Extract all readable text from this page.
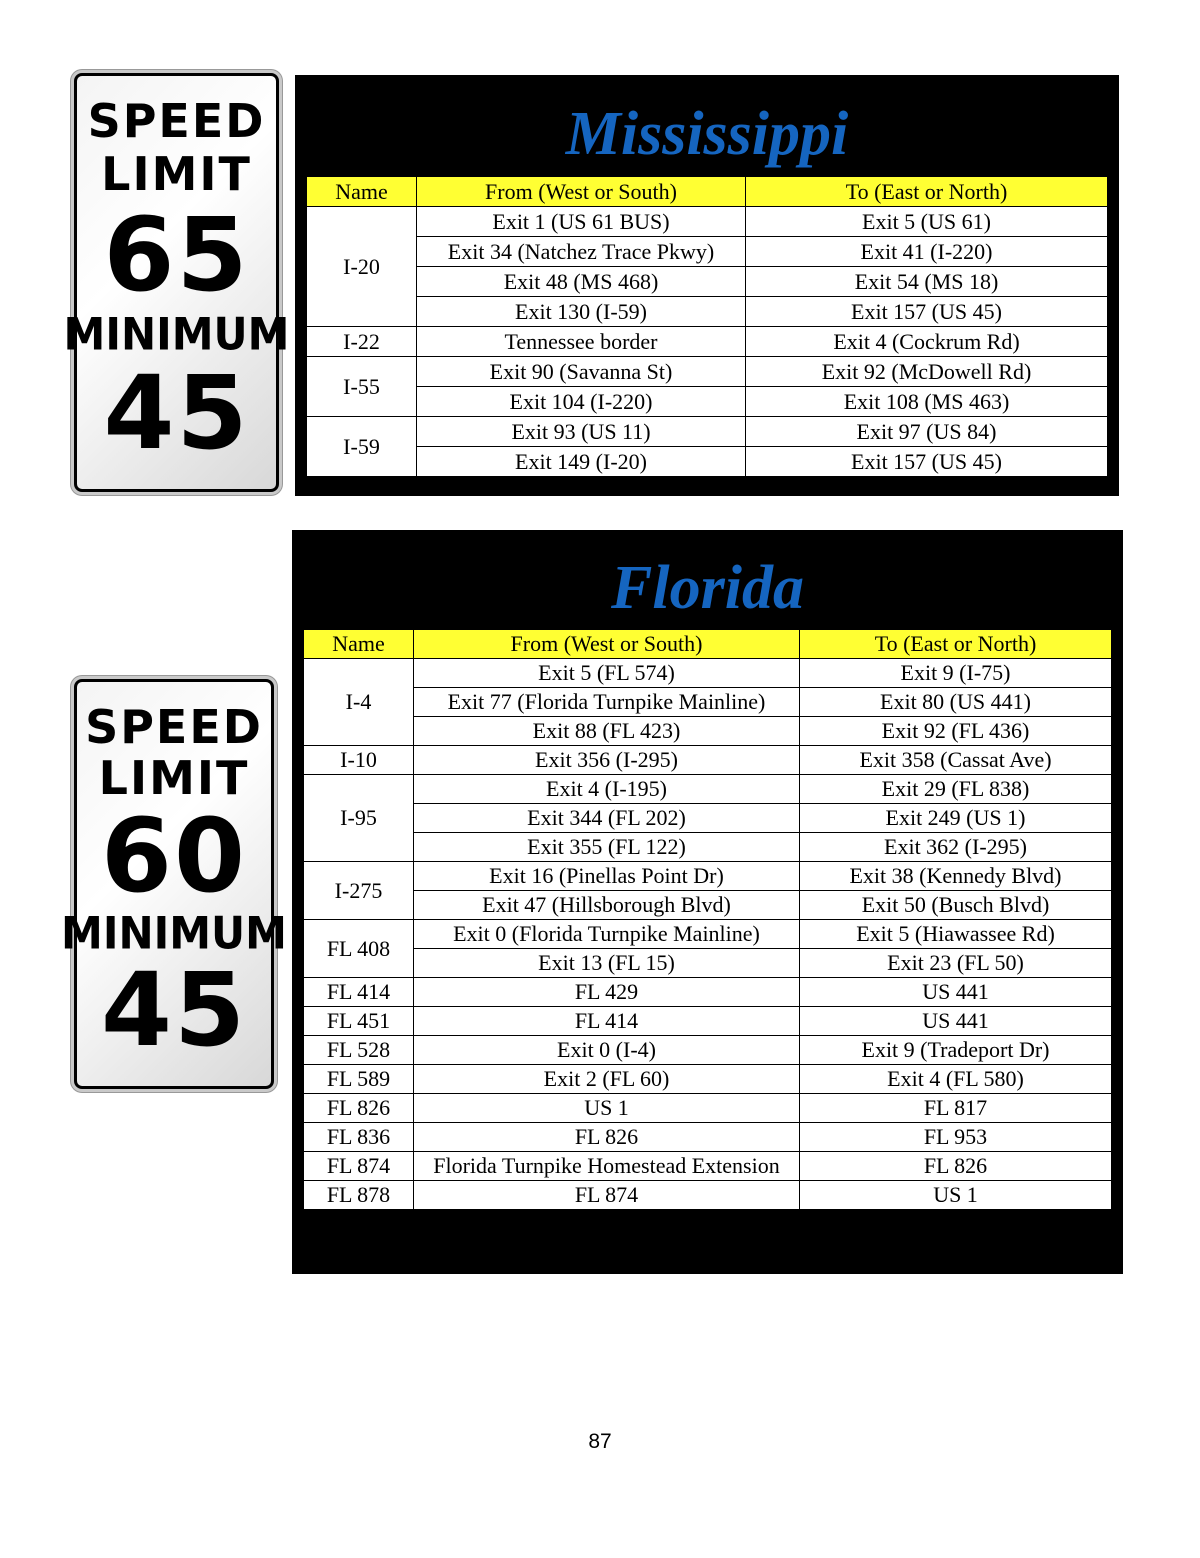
SPEED
LIMIT
65
MINIMUM
45
Mississippi
Name	From (West or South)	To (East or North)
I-20	Exit 1 (US 61 BUS)	Exit 5 (US 61)
	Exit 34 (Natchez Trace Pkwy)	Exit 41 (I-220)
	Exit 48 (MS 468)	Exit 54 (MS 18)
	Exit 130 (I-59)	Exit 157 (US 45)
I-22	Tennessee border	Exit 4 (Cockrum Rd)
I-55	Exit 90 (Savanna St)	Exit 92 (McDowell Rd)
	Exit 104 (I-220)	Exit 108 (MS 463)
I-59	Exit 93 (US 11)	Exit 97 (US 84)
	Exit 149 (I-20)	Exit 157 (US 45)
SPEED
LIMIT
60
MINIMUM
45
Florida
Name	From (West or South)	To (East or North)
I-4	Exit 5 (FL 574)	Exit 9 (I-75)
	Exit 77 (Florida Turnpike Mainline)	Exit 80 (US 441)
	Exit 88 (FL 423)	Exit 92 (FL 436)
I-10	Exit 356 (I-295)	Exit 358 (Cassat Ave)
I-95	Exit 4 (I-195)	Exit 29 (FL 838)
	Exit 344 (FL 202)	Exit 249 (US 1)
	Exit 355 (FL 122)	Exit 362 (I-295)
I-275	Exit 16 (Pinellas Point Dr)	Exit 38 (Kennedy Blvd)
	Exit 47 (Hillsborough Blvd)	Exit 50 (Busch Blvd)
FL 408	Exit 0 (Florida Turnpike Mainline)	Exit 5 (Hiawassee Rd)
	Exit 13 (FL 15)	Exit 23 (FL 50)
FL 414	FL 429	US 441
FL 451	FL 414	US 441
FL 528	Exit 0 (I-4)	Exit 9 (Tradeport Dr)
FL 589	Exit 2 (FL 60)	Exit 4 (FL 580)
FL 826	US 1	FL 817
FL 836	FL 826	FL 953
FL 874	Florida Turnpike Homestead Extension	FL 826
FL 878	FL 874	US 1
87
